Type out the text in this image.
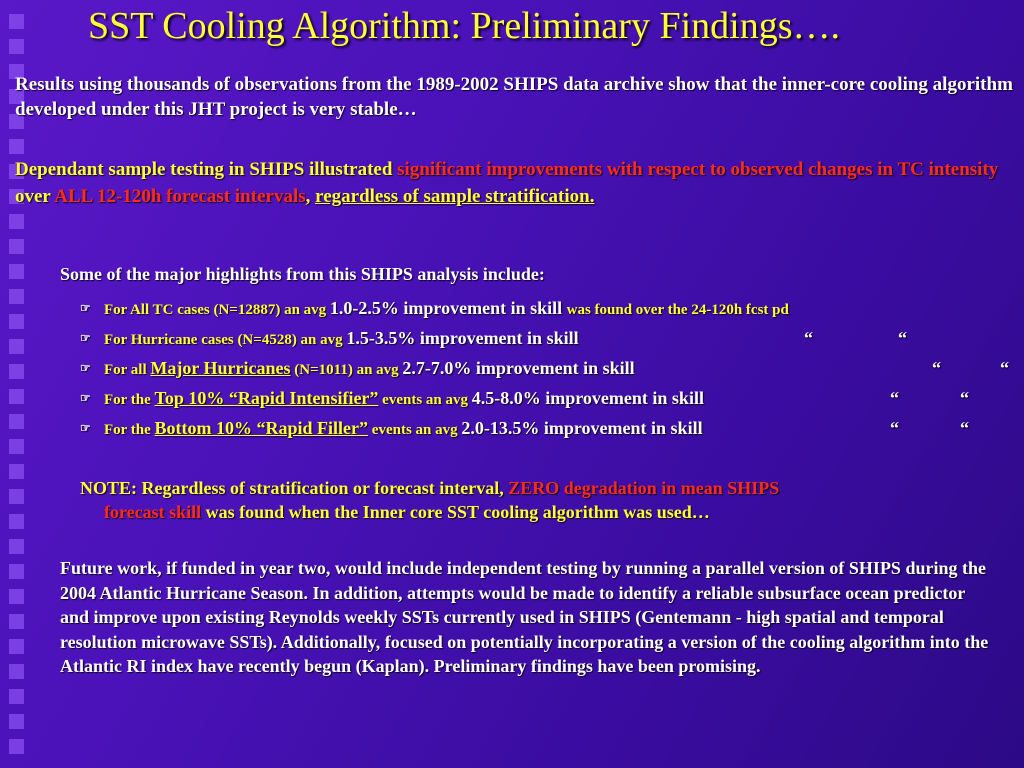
SST Cooling Algorithm: Preliminary Findings….
Results using thousands of observations from the 1989-2002 SHIPS data archive show that the inner-core cooling algorithm developed under this JHT project is very stable…
Dependant sample testing in SHIPS illustrated significant improvements with respect to observed changes in TC intensity over ALL 12-120h forecast intervals, regardless of sample stratification.
Some of the major highlights from this SHIPS analysis include:
☞ For All TC cases (N=12887) an avg 1.0-2.5% improvement in skill was found over the 24-120h fcst pd
☞ For Hurricane cases (N=4528) an avg 1.5-3.5% improvement in skill	“	“
☞ For all Major Hurricanes (N=1011) an avg 2.7-7.0% improvement in skill	“	“
☞ For the Top 10% “Rapid Intensifier” events an avg 4.5-8.0% improvement in skill	“	“
☞ For the Bottom 10% “Rapid Filler” events an avg 2.0-13.5% improvement in skill	“	“
NOTE: Regardless of stratification or forecast interval, ZERO degradation in mean SHIPS
forecast skill was found when the Inner core SST cooling algorithm was used…
Future work, if funded in year two, would include independent testing by running a parallel version of SHIPS during the 2004 Atlantic Hurricane Season. In addition, attempts would be made to identify a reliable subsurface ocean predictor and improve upon existing Reynolds weekly SSTs currently used in SHIPS (Gentemann - high spatial and temporal resolution microwave SSTs). Additionally, focused on potentially incorporating a version of the cooling algorithm into the Atlantic RI index have recently begun (Kaplan). Preliminary findings have been promising.
